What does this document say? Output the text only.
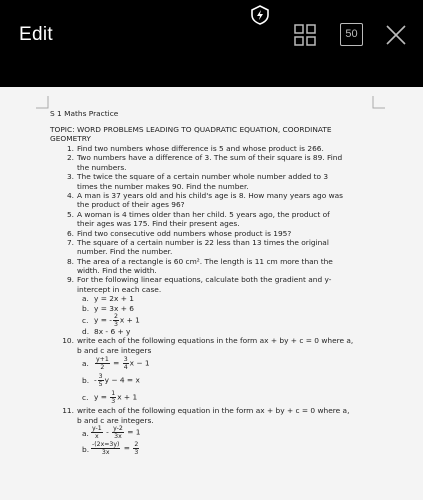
Edit	50
S 1 Maths Practice
TOPIC: WORD PROBLEMS LEADING TO QUADRATIC EQUATION, COORDINATE
GEOMETRY
1. Find two numbers whose difference is 5 and whose product is 266.
2. Two numbers have a difference of 3. The sum of their square is 89. Find
the numbers.
3. The twice the square of a certain number whole number added to 3
times the number makes 90. Find the number.
4. A man is 37 years old and his child's age is 8. How many years ago was
the product of their ages 96?
5. A woman is 4 times older than her child. 5 years ago, the product of
their ages was 175. Find their present ages.
6. Find two consecutive odd numbers whose product is 195?
7. The square of a certain number is 22 less than 13 times the original
number. Find the number.
8. The area of a rectangle is 60 cm². The length is 11 cm more than the
width. Find the width.
9. For the following linear equations, calculate both the gradient and y-
intercept in each case.
a. y = 2x + 1
b. y = 3x + 6
c. y = - $\frac{2}{3}$ x + 1
d. 8x - 6 + y
10. write each of the following equations in the form ax + by + c = 0 where a,
b and c are integers
a. $\frac{y+1}{2} = \frac{3}{4}$ x − 1
b. - $\frac{3}{5}$ y − 4 = x
c. $y = \frac{1}{3}$ x + 1
11. write each of the following equation in the form ax + by + c = 0 where a,
b and c are integers.
a. $\frac{y-1}{x} - \frac{y-2}{3x} = 1$
b. $\frac{-(2x=3y)}{3x} = \frac{2}{3}$
